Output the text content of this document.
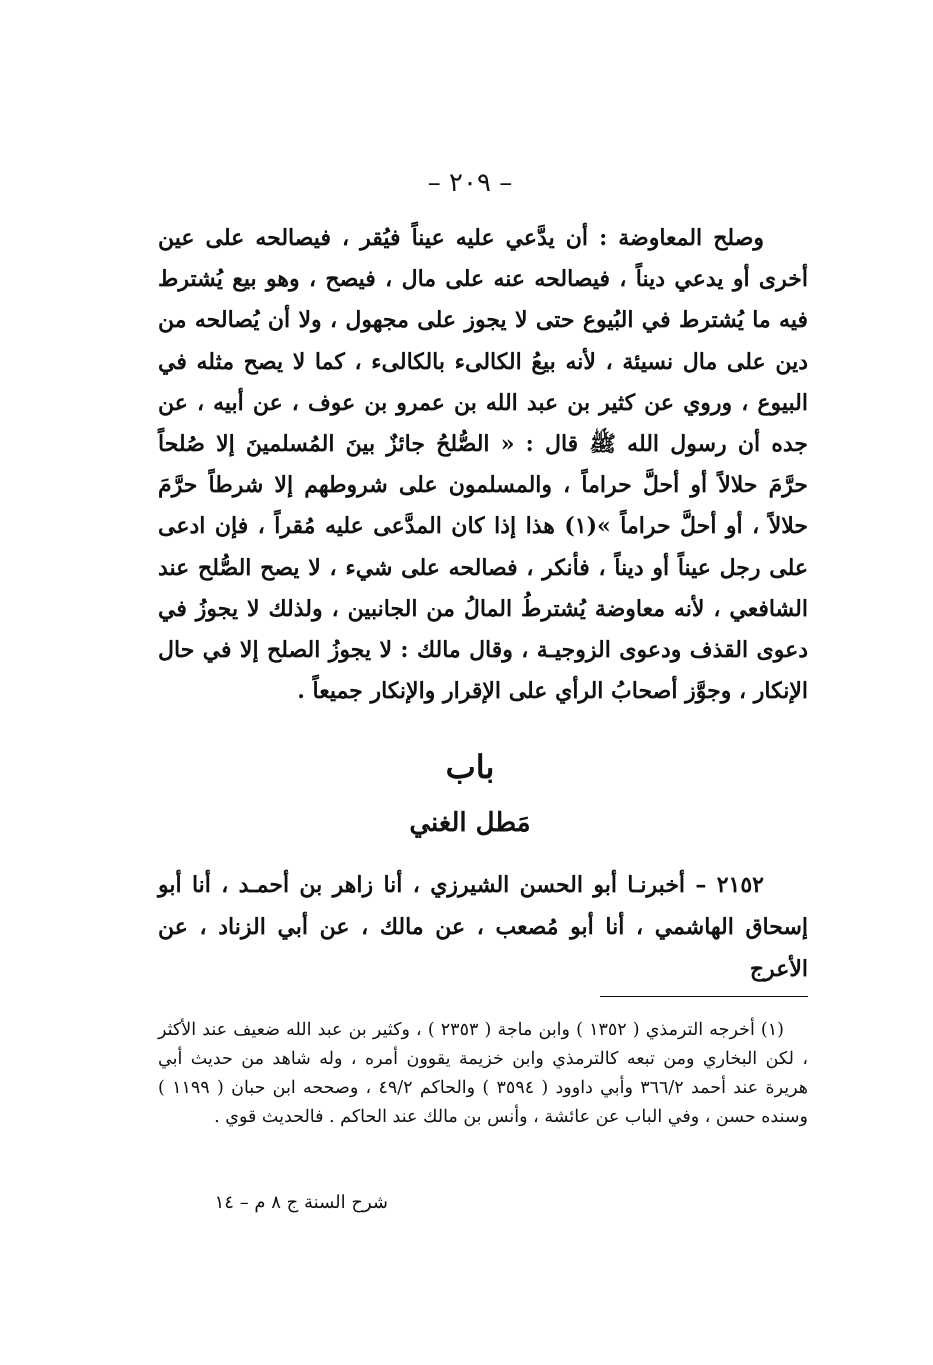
– ٢٠٩ –

وصلح المعاوضة : أن يدَّعي عليه عيناً فيُقر ، فيصالحه على عين أخرى أو يدعي ديناً ، فيصالحه عنه على مال ، فيصح ، وهو بيع يُشترط فيه ما يُشترط في البُيوع حتى لا يجوز على مجهول ، ولا أن يُصالحه من دين على مال نسيئة ، لأنه بيعُ الكالىء بالكالىء ، كما لا يصح مثله في البيوع ، وروي عن كثير بن عبد الله بن عمرو بن عوف ، عن أبيه ، عن جده أن رسول الله ﷺ قال : « الصُّلحُ جائزٌ بينَ المُسلمينَ إلا صُلحاً حرَّمَ حلالاً أو أحلَّ حراماً ، والمسلمون على شروطهم إلا شرطاً حرَّمَ حلالاً ، أو أحلَّ حراماً »(١) هذا إذا كان المدَّعى عليه مُقراً ، فإن ادعى على رجل عيناً أو ديناً ، فأنكر ، فصالحه على شيء ، لا يصح الصُّلح عند الشافعي ، لأنه معاوضة يُشترطُ المالُ من الجانبين ، ولذلك لا يجوزُ في دعوى القذف ودعوى الزوجيـة ، وقال مالك : لا يجوزُ الصلح إلا في حال الإنكار ، وجوَّز أصحابُ الرأي على الإقرار والإنكار جميعاً .

باب
مَطل الغني

٢١٥٢ – أخبرنـا أبو الحسن الشيرزي ، أنا زاهر بن أحمـد ، أنا أبو إسحاق الهاشمي ، أنا أبو مُصعب ، عن مالك ، عن أبي الزناد ، عن الأعرج

(١) أخرجه الترمذي ( ١٣٥٢ ) وابن ماجة ( ٢٣٥٣ ) ، وكثير بن عبد الله ضعيف عند الأكثر ، لكن البخاري ومن تبعه كالترمذي وابن خزيمة يقوون أمره ، وله شاهد من حديث أبي هريرة عند أحمد ٣٦٦/٢ وأبي داوود ( ٣٥٩٤ ) والحاكم ٤٩/٢ ، وصححه ابن حبان ( ١١٩٩ ) وسنده حسن ، وفي الباب عن عائشة ، وأنس بن مالك عند الحاكم . فالحديث قوي .

شرح السنة ج ٨ م – ١٤
